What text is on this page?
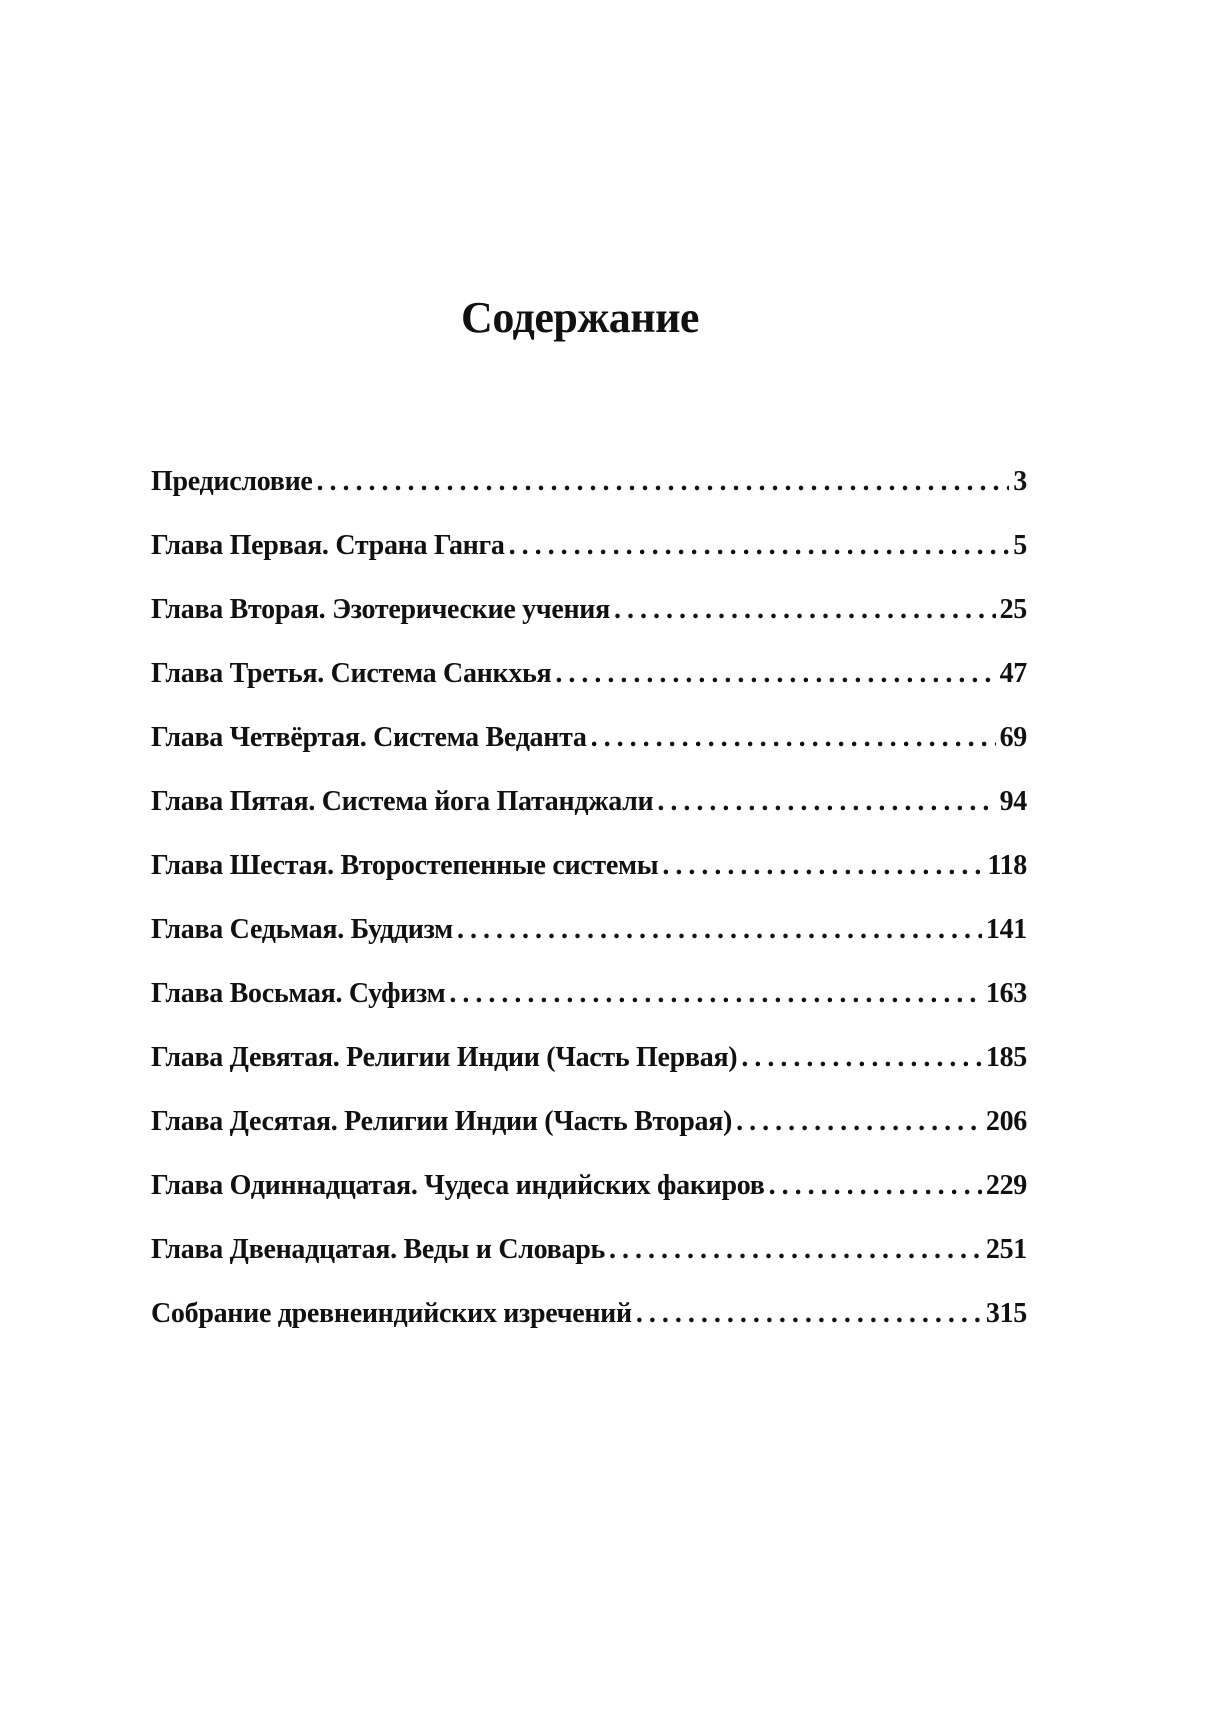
Содержание
Предисловие . . .	3
Глава Первая. Страна Ганга . . .	5
Глава Вторая. Эзотерические учения . . .	25
Глава Третья. Система Санкхья . . .	47
Глава Четвёртая. Система Веданта . . .	69
Глава Пятая. Система йога Патанджали . . .	94
Глава Шестая. Второстепенные системы . . .	118
Глава Седьмая. Буддизм . . .	141
Глава Восьмая. Суфизм . . .	163
Глава Девятая. Религии Индии (Часть Первая) . . .	185
Глава Десятая. Религии Индии (Часть Вторая) . . .	206
Глава Одиннадцатая. Чудеса индийских факиров . . .	229
Глава Двенадцатая. Веды и Словарь . . .	251
Собрание древнеиндийских изречений . . .	315
